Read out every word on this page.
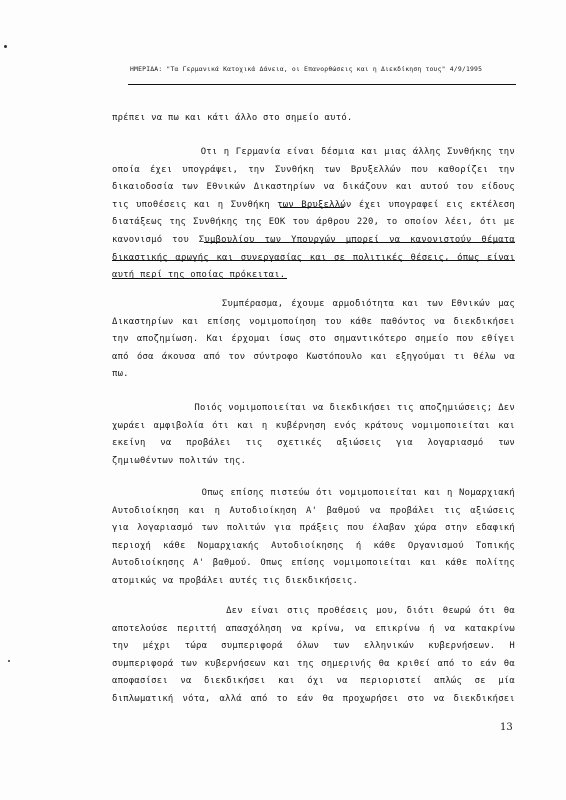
ΗΜΕΡΙΔΑ: "Τα Γερμανικά Κατοχικά Δάνεια, οι Επανορθώσεις και η Διεκδίκηση τους" 4/9/1995
πρέπει να πω και κάτι άλλο στο σημείο αυτό.
Οτι η Γερμανία είναι δέσμια και μιας άλλης Συνθήκης την
οποία έχει υπογράψει, την Συνθήκη των Βρυξελλών που καθορίζει την
δικαιοδοσία των Εθνικών Δικαστηρίων να δικάζουν και αυτού του είδους
τις υποθέσεις και η Συνθήκη των Βρυξελλών έχει υπογραφεί εις εκτέλεση
διατάξεως της Συνθήκης της ΕΟΚ του άρθρου 220, το οποίον λέει, ότι με
κανονισμό του Συμβουλίου των Υπουργών μπορεί να κανονιστούν θέματα
δικαστικής αρωγής και συνεργασίας και σε πολιτικές θέσεις, όπως είναι
αυτή περί της οποίας πρόκειται.
Συμπέρασμα, έχουμε αρμοδιότητα και των Εθνικών μας
Δικαστηρίων και επίσης νομιμοποίηση του κάθε παθόντος να διεκδικήσει
την αποζημίωση. Και έρχομαι ίσως στο σημαντικότερο σημείο που εθίγει
από όσα άκουσα από τον σύντροφο Κωστόπουλο και εξηγούμαι τι θέλω να
πω.
Ποιός νομιμοποιείται να διεκδικήσει τις αποζημιώσεις; Δεν
χωράει αμφιβολία ότι και η κυβέρνηση ενός κράτους νομιμοποιείται και
εκείνη να προβάλει τις σχετικές αξιώσεις για λογαριασμό των
ζημιωθέντων πολιτών της.
Οπως επίσης πιστεύω ότι νομιμοποιείται και η Νομαρχιακή
Αυτοδιοίκηση και η Αυτοδιοίκηση Α' βαθμού να προβάλει τις αξιώσεις
για λογαριασμό των πολιτών για πράξεις που έλαβαν χώρα στην εδαφική
περιοχή κάθε Νομαρχιακής Αυτοδιοίκησης ή κάθε Οργανισμού Τοπικής
Αυτοδιοίκησης Α' βαθμού. Οπως επίσης νομιμοποιείται και κάθε πολίτης
ατομικώς να προβάλει αυτές τις διεκδικήσεις.
Δεν είναι στις προθέσεις μου, διότι θεωρώ ότι θα
αποτελούσε περιττή απασχόληση να κρίνω, να επικρίνω ή να κατακρίνω
την μέχρι τώρα συμπεριφορά όλων των ελληνικών κυβερνήσεων. Η
συμπεριφορά των κυβερνήσεων και της σημερινής θα κριθεί από το εάν θα
αποφασίσει να διεκδικήσει και όχι να περιοριστεί απλώς σε μία
διπλωματική νότα, αλλά από το εάν θα προχωρήσει στο να διεκδικήσει
13
